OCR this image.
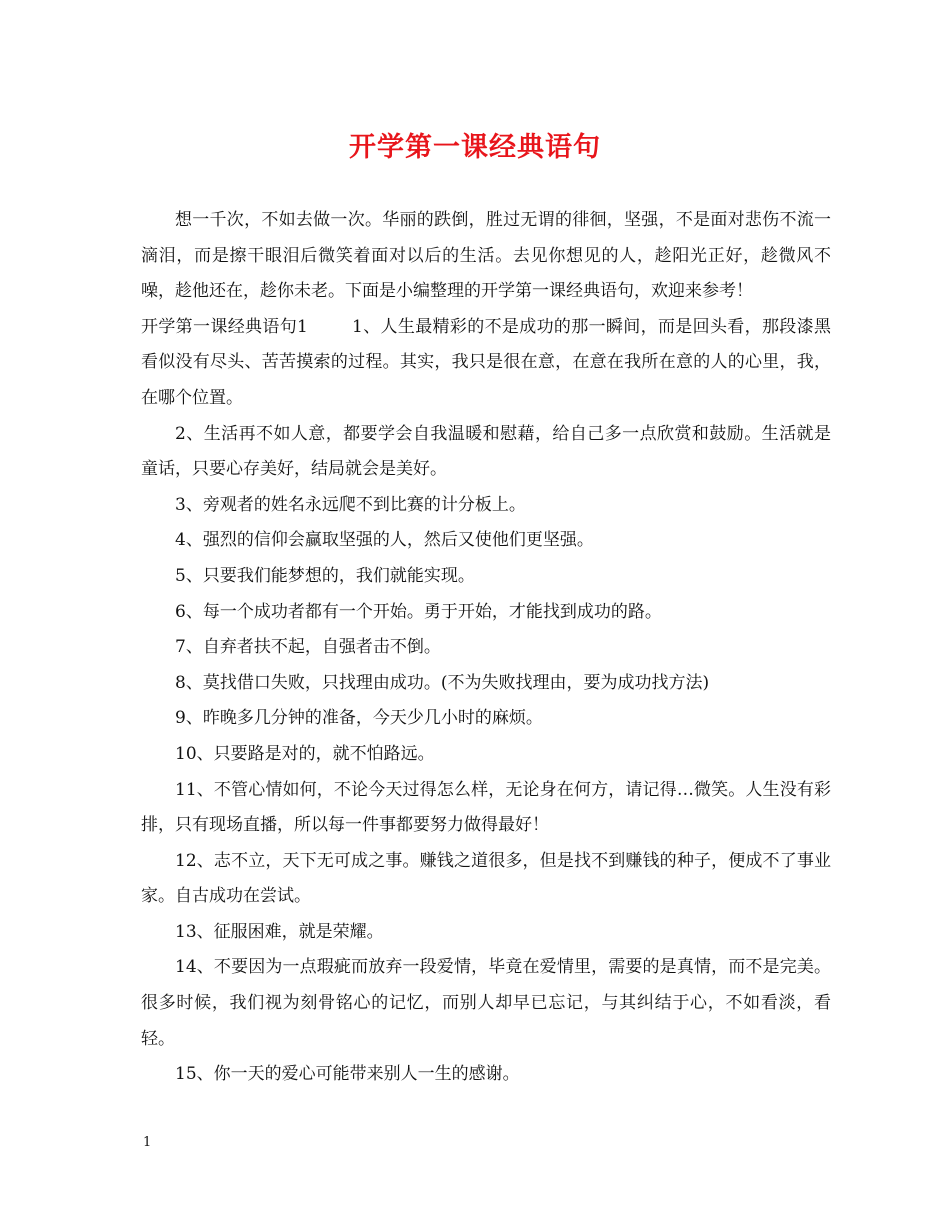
开学第一课经典语句

想一千次，不如去做一次。华丽的跌倒，胜过无谓的徘徊，坚强，不是面对悲伤不流一滴泪，而是擦干眼泪后微笑着面对以后的生活。去见你想见的人，趁阳光正好，趁微风不噪，趁他还在，趁你未老。下面是小编整理的开学第一课经典语句，欢迎来参考！

开学第一课经典语句1	1、人生最精彩的不是成功的那一瞬间，而是回头看，那段漆黑看似没有尽头、苦苦摸索的过程。其实，我只是很在意，在意在我所在意的人的心里，我，在哪个位置。

2、生活再不如人意，都要学会自我温暖和慰藉，给自己多一点欣赏和鼓励。生活就是童话，只要心存美好，结局就会是美好。

3、旁观者的姓名永远爬不到比赛的计分板上。

4、强烈的信仰会赢取坚强的人，然后又使他们更坚强。

5、只要我们能梦想的，我们就能实现。

6、每一个成功者都有一个开始。勇于开始，才能找到成功的路。

7、自弃者扶不起，自强者击不倒。

8、莫找借口失败，只找理由成功。(不为失败找理由，要为成功找方法)

9、昨晚多几分钟的准备，今天少几小时的麻烦。

10、只要路是对的，就不怕路远。

11、不管心情如何，不论今天过得怎么样，无论身在何方，请记得…微笑。人生没有彩排，只有现场直播，所以每一件事都要努力做得最好！

12、志不立，天下无可成之事。赚钱之道很多，但是找不到赚钱的种子，便成不了事业家。自古成功在尝试。

13、征服困难，就是荣耀。

14、不要因为一点瑕疵而放弃一段爱情，毕竟在爱情里，需要的是真情，而不是完美。很多时候，我们视为刻骨铭心的记忆，而别人却早已忘记，与其纠结于心，不如看淡，看轻。

15、你一天的爱心可能带来别人一生的感谢。

1
